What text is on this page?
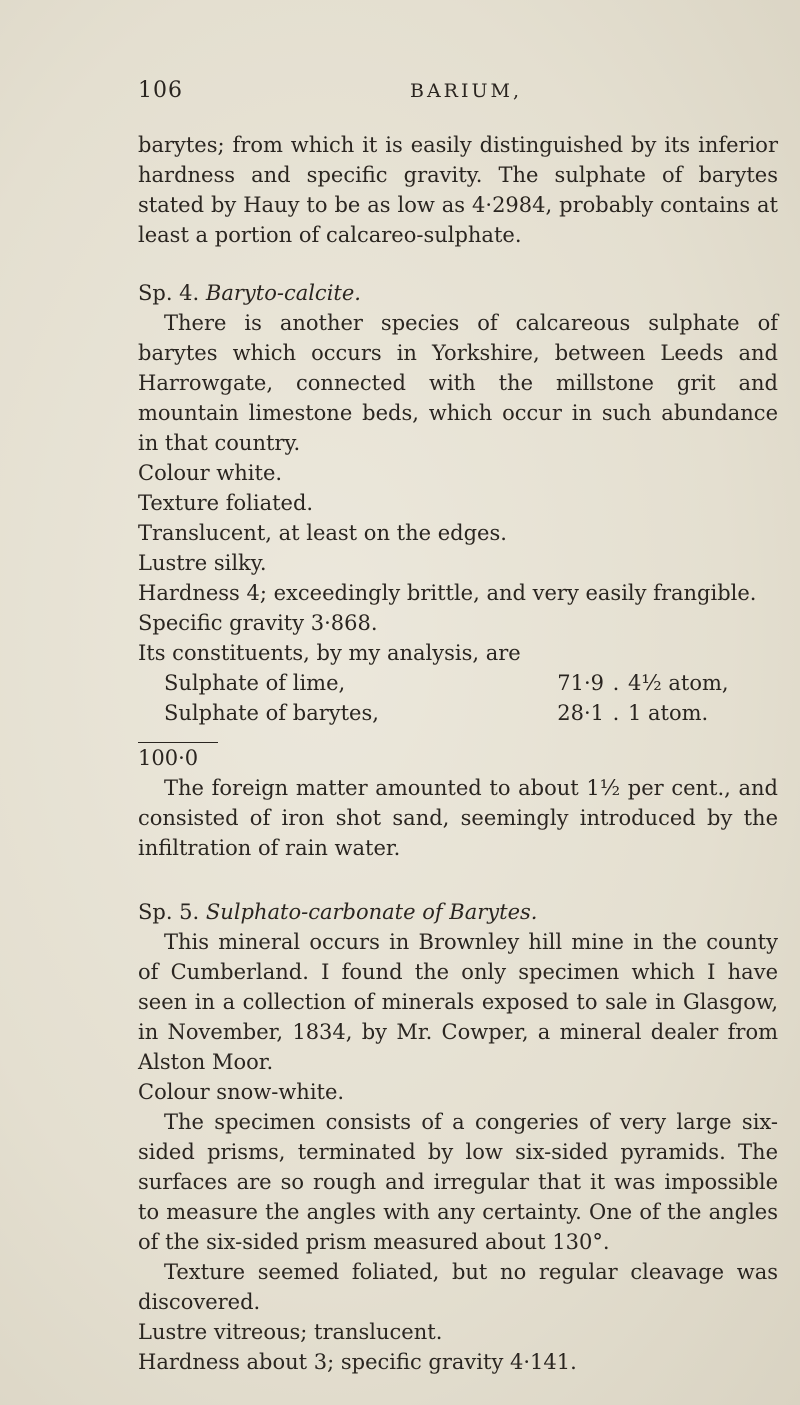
106	BARIUM,

barytes; from which it is easily distinguished by its inferior hardness and specific gravity. The sulphate of barytes stated by Hauy to be as low as 4·2984, probably contains at least a portion of calcareo-sulphate.

Sp. 4. Baryto-calcite.

There is another species of calcareous sulphate of barytes which occurs in Yorkshire, between Leeds and Harrowgate, connected with the millstone grit and mountain limestone beds, which occur in such abundance in that country.

Colour white.

Texture foliated.

Translucent, at least on the edges.

Lustre silky.

Hardness 4; exceedingly brittle, and very easily frangible.

Specific gravity 3·868.

Its constituents, by my analysis, are

Sulphate of lime,	71·9	.	4½ atom,
Sulphate of barytes,	28·1	.	1 atom.

100·0

The foreign matter amounted to about 1½ per cent., and consisted of iron shot sand, seemingly introduced by the infiltration of rain water.

Sp. 5. Sulphato-carbonate of Barytes.

This mineral occurs in Brownley hill mine in the county of Cumberland. I found the only specimen which I have seen in a collection of minerals exposed to sale in Glasgow, in November, 1834, by Mr. Cowper, a mineral dealer from Alston Moor.

Colour snow-white.

The specimen consists of a congeries of very large six-sided prisms, terminated by low six-sided pyramids. The surfaces are so rough and irregular that it was impossible to measure the angles with any certainty. One of the angles of the six-sided prism measured about 130°.

Texture seemed foliated, but no regular cleavage was discovered.

Lustre vitreous; translucent.

Hardness about 3; specific gravity 4·141.
